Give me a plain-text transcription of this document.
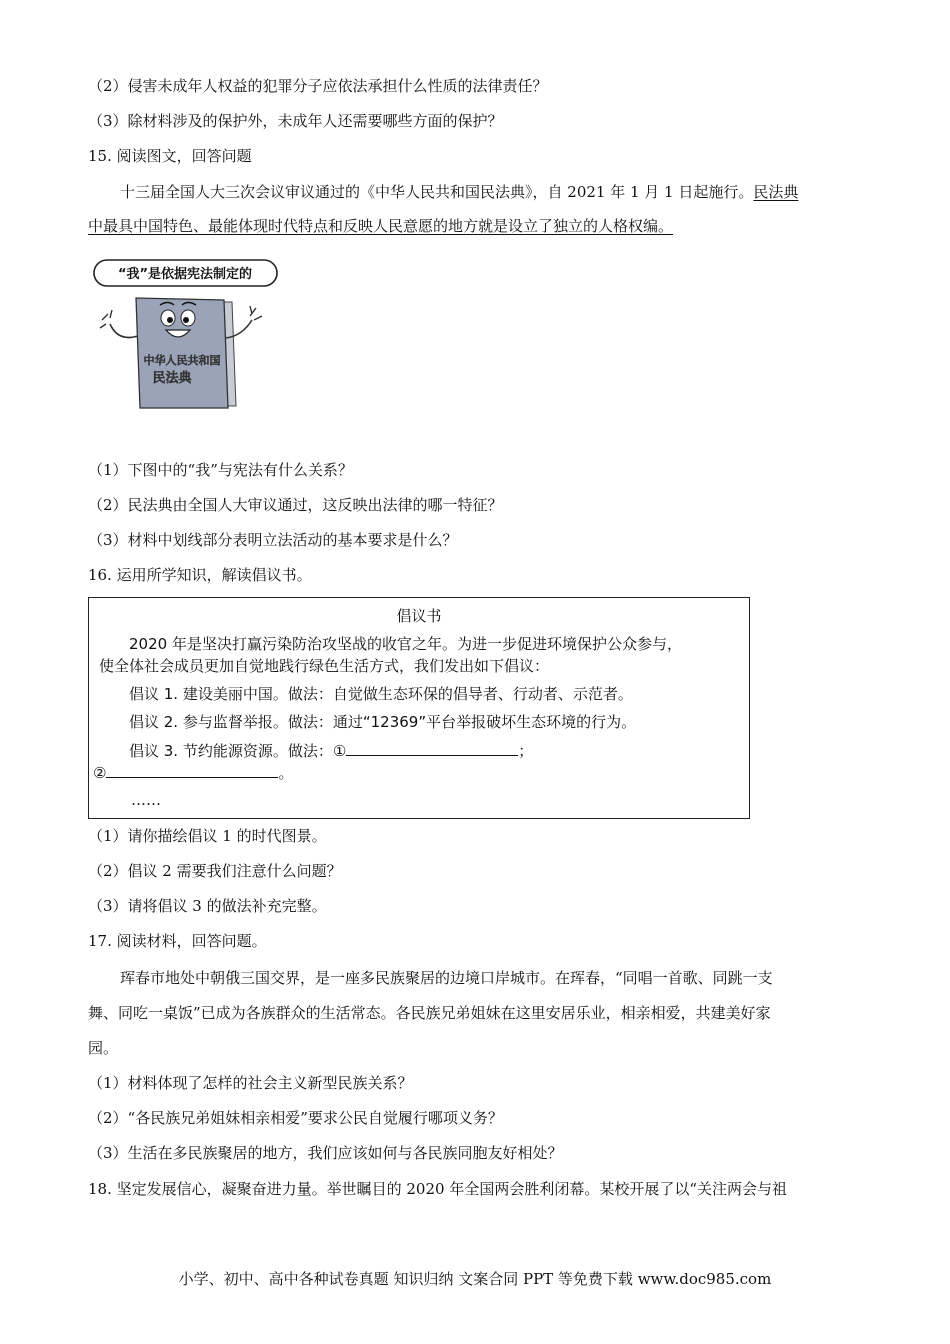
（2）侵害未成年人权益的犯罪分子应依法承担什么性质的法律责任？
（3）除材料涉及的保护外，未成年人还需要哪些方面的保护？
15. 阅读图文，回答问题
十三届全国人大三次会议审议通过的《中华人民共和国民法典》，自 2021 年 1 月 1 日起施行。民法典
中最具中国特色、最能体现时代特点和反映人民意愿的地方就是设立了独立的人格权编。
“我”是依据宪法制定的
中华人民共和国
民法典
（1）下图中的“我”与宪法有什么关系？
（2）民法典由全国人大审议通过，这反映出法律的哪一特征？
（3）材料中划线部分表明立法活动的基本要求是什么？
16. 运用所学知识，解读倡议书。
倡议书
2020 年是坚决打赢污染防治攻坚战的收官之年。为进一步促进环境保护公众参与，
使全体社会成员更加自觉地践行绿色生活方式，我们发出如下倡议：
倡议 1. 建设美丽中国。做法：自觉做生态环保的倡导者、行动者、示范者。
倡议 2. 参与监督举报。做法：通过“12369”平台举报破坏生态环境的行为。
倡议 3. 节约能源资源。做法：①	；
②	。
……
（1）请你描绘倡议 1 的时代图景。
（2）倡议 2 需要我们注意什么问题？
（3）请将倡议 3 的做法补充完整。
17. 阅读材料，回答问题。
珲春市地处中朝俄三国交界，是一座多民族聚居的边境口岸城市。在珲春，“同唱一首歌、同跳一支
舞、同吃一桌饭”已成为各族群众的生活常态。各民族兄弟姐妹在这里安居乐业，相亲相爱，共建美好家
园。
（1）材料体现了怎样的社会主义新型民族关系？
（2）“各民族兄弟姐妹相亲相爱”要求公民自觉履行哪项义务？
（3）生活在多民族聚居的地方，我们应该如何与各民族同胞友好相处？
18. 坚定发展信心，凝聚奋进力量。举世瞩目的 2020 年全国两会胜利闭幕。某校开展了以“关注两会与祖
小学、初中、高中各种试卷真题 知识归纳 文案合同 PPT 等免费下载 www.doc985.com
